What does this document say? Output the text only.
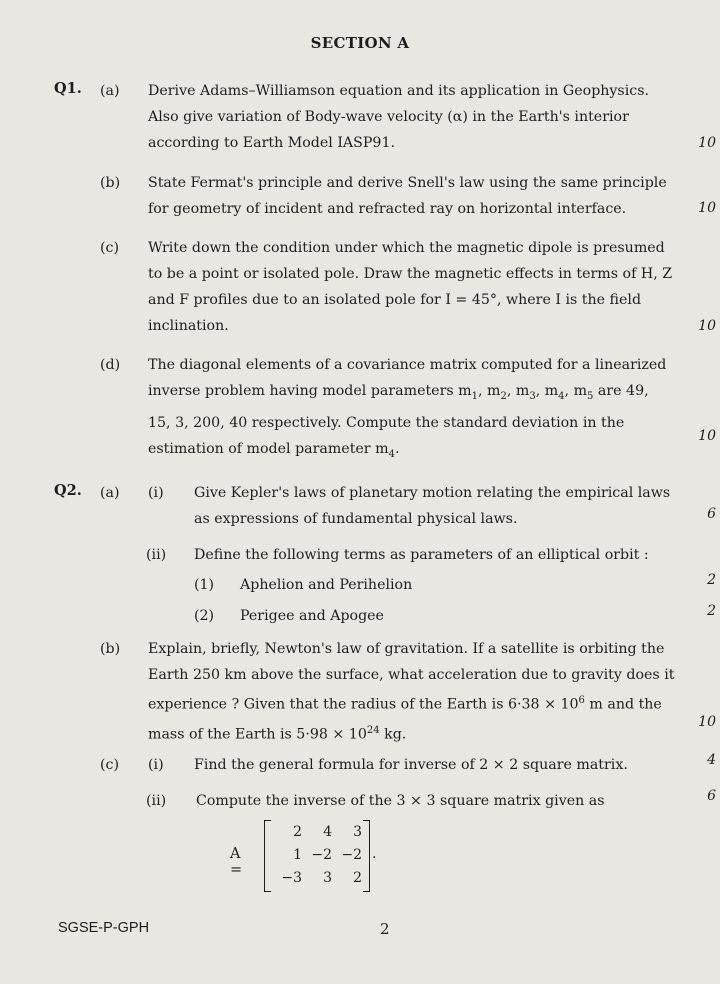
SECTION A
Q1. (a) Derive Adams–Williamson equation and its application in Geophysics.
Also give variation of Body-wave velocity (α) in the Earth's interior
according to Earth Model IASP91.	10
(b) State Fermat's principle and derive Snell's law using the same principle
for geometry of incident and refracted ray on horizontal interface.	10
(c) Write down the condition under which the magnetic dipole is presumed
to be a point or isolated pole. Draw the magnetic effects in terms of H, Z
and F profiles due to an isolated pole for I = 45°, where I is the field
inclination.	10
(d) The diagonal elements of a covariance matrix computed for a linearized
inverse problem having model parameters $m_1$, $m_2$, $m_3$, $m_4$, $m_5$ are 49,
15, 3, 200, 40 respectively. Compute the standard deviation in the
estimation of model parameter $m_4$.
10
Q2. (a) (i) Give Kepler's laws of planetary motion relating the empirical laws
as expressions of fundamental physical laws.	6
(ii) Define the following terms as parameters of an elliptical orbit :
(1) Aphelion and Perihelion	2
(2) Perigee and Apogee	2
(b) Explain, briefly, Newton's law of gravitation. If a satellite is orbiting the
Earth 250 km above the surface, what acceleration due to gravity does it
experience ? Given that the radius of the Earth is $6\cdot 38 \times 10^6$ m and the
mass of the Earth is $5\cdot 98 \times 10^{24}$ kg.
10
(c) (i) Find the general formula for inverse of 2 × 2 square matrix.	4
(ii) Compute the inverse of the 3 × 3 square matrix given as	6
A =
2	4	3
1 −2 −2
−3	3	2
.
SGSE-P-GPH	2
